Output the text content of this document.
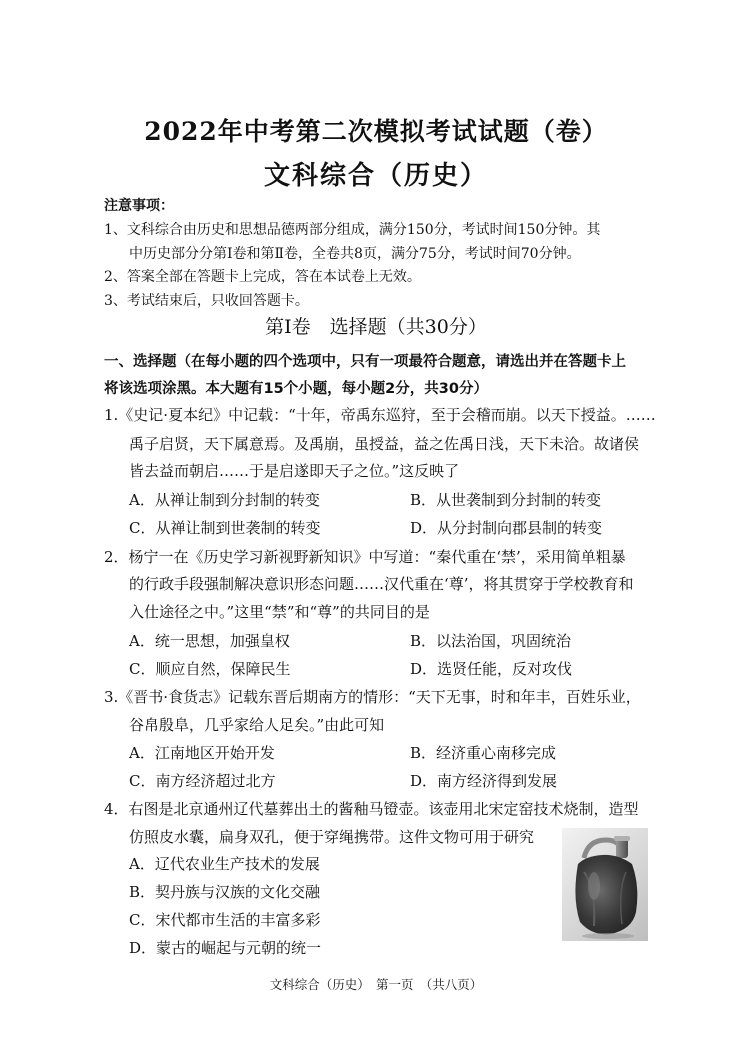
2022年中考第二次模拟考试试题（卷）
文科综合（历史）
注意事项：
1、文科综合由历史和思想品德两部分组成，满分150分，考试时间150分钟。其
中历史部分分第Ⅰ卷和第Ⅱ卷，全卷共8页，满分75分，考试时间70分钟。
2、答案全部在答题卡上完成，答在本试卷上无效。
3、考试结束后，只收回答题卡。
第Ⅰ卷　选择题（共30分）
一、选择题（在每小题的四个选项中，只有一项最符合题意，请选出并在答题卡上
将该选项涂黑。本大题有15个小题，每小题2分，共30分）
1.《史记·夏本纪》中记载：“十年，帝禹东巡狩，至于会稽而崩。以天下授益。……
禹子启贤，天下属意焉。及禹崩，虽授益，益之佐禹日浅，天下未洽。故诸侯
皆去益而朝启……于是启遂即天子之位。”这反映了
A．从禅让制到分封制的转变	B．从世袭制到分封制的转变
C．从禅让制到世袭制的转变	D．从分封制向郡县制的转变
2．杨宁一在《历史学习新视野新知识》中写道：“秦代重在‘禁’，采用简单粗暴
的行政手段强制解决意识形态问题……汉代重在‘尊’，将其贯穿于学校教育和
入仕途径之中。”这里“禁”和“尊”的共同目的是
A．统一思想，加强皇权	B．以法治国，巩固统治
C．顺应自然，保障民生	D．选贤任能，反对攻伐
3.《晋书·食货志》记载东晋后期南方的情形：“天下无事，时和年丰，百姓乐业，
谷帛殷阜，几乎家给人足矣。”由此可知
A．江南地区开始开发	B．经济重心南移完成
C．南方经济超过北方	D．南方经济得到发展
4．右图是北京通州辽代墓葬出土的酱釉马镫壶。该壶用北宋定窑技术烧制，造型
仿照皮水囊，扁身双孔，便于穿绳携带。这件文物可用于研究
A．辽代农业生产技术的发展
B．契丹族与汉族的文化交融
C．宋代都市生活的丰富多彩
D．蒙古的崛起与元朝的统一
文科综合（历史）　第一页　（共八页）
